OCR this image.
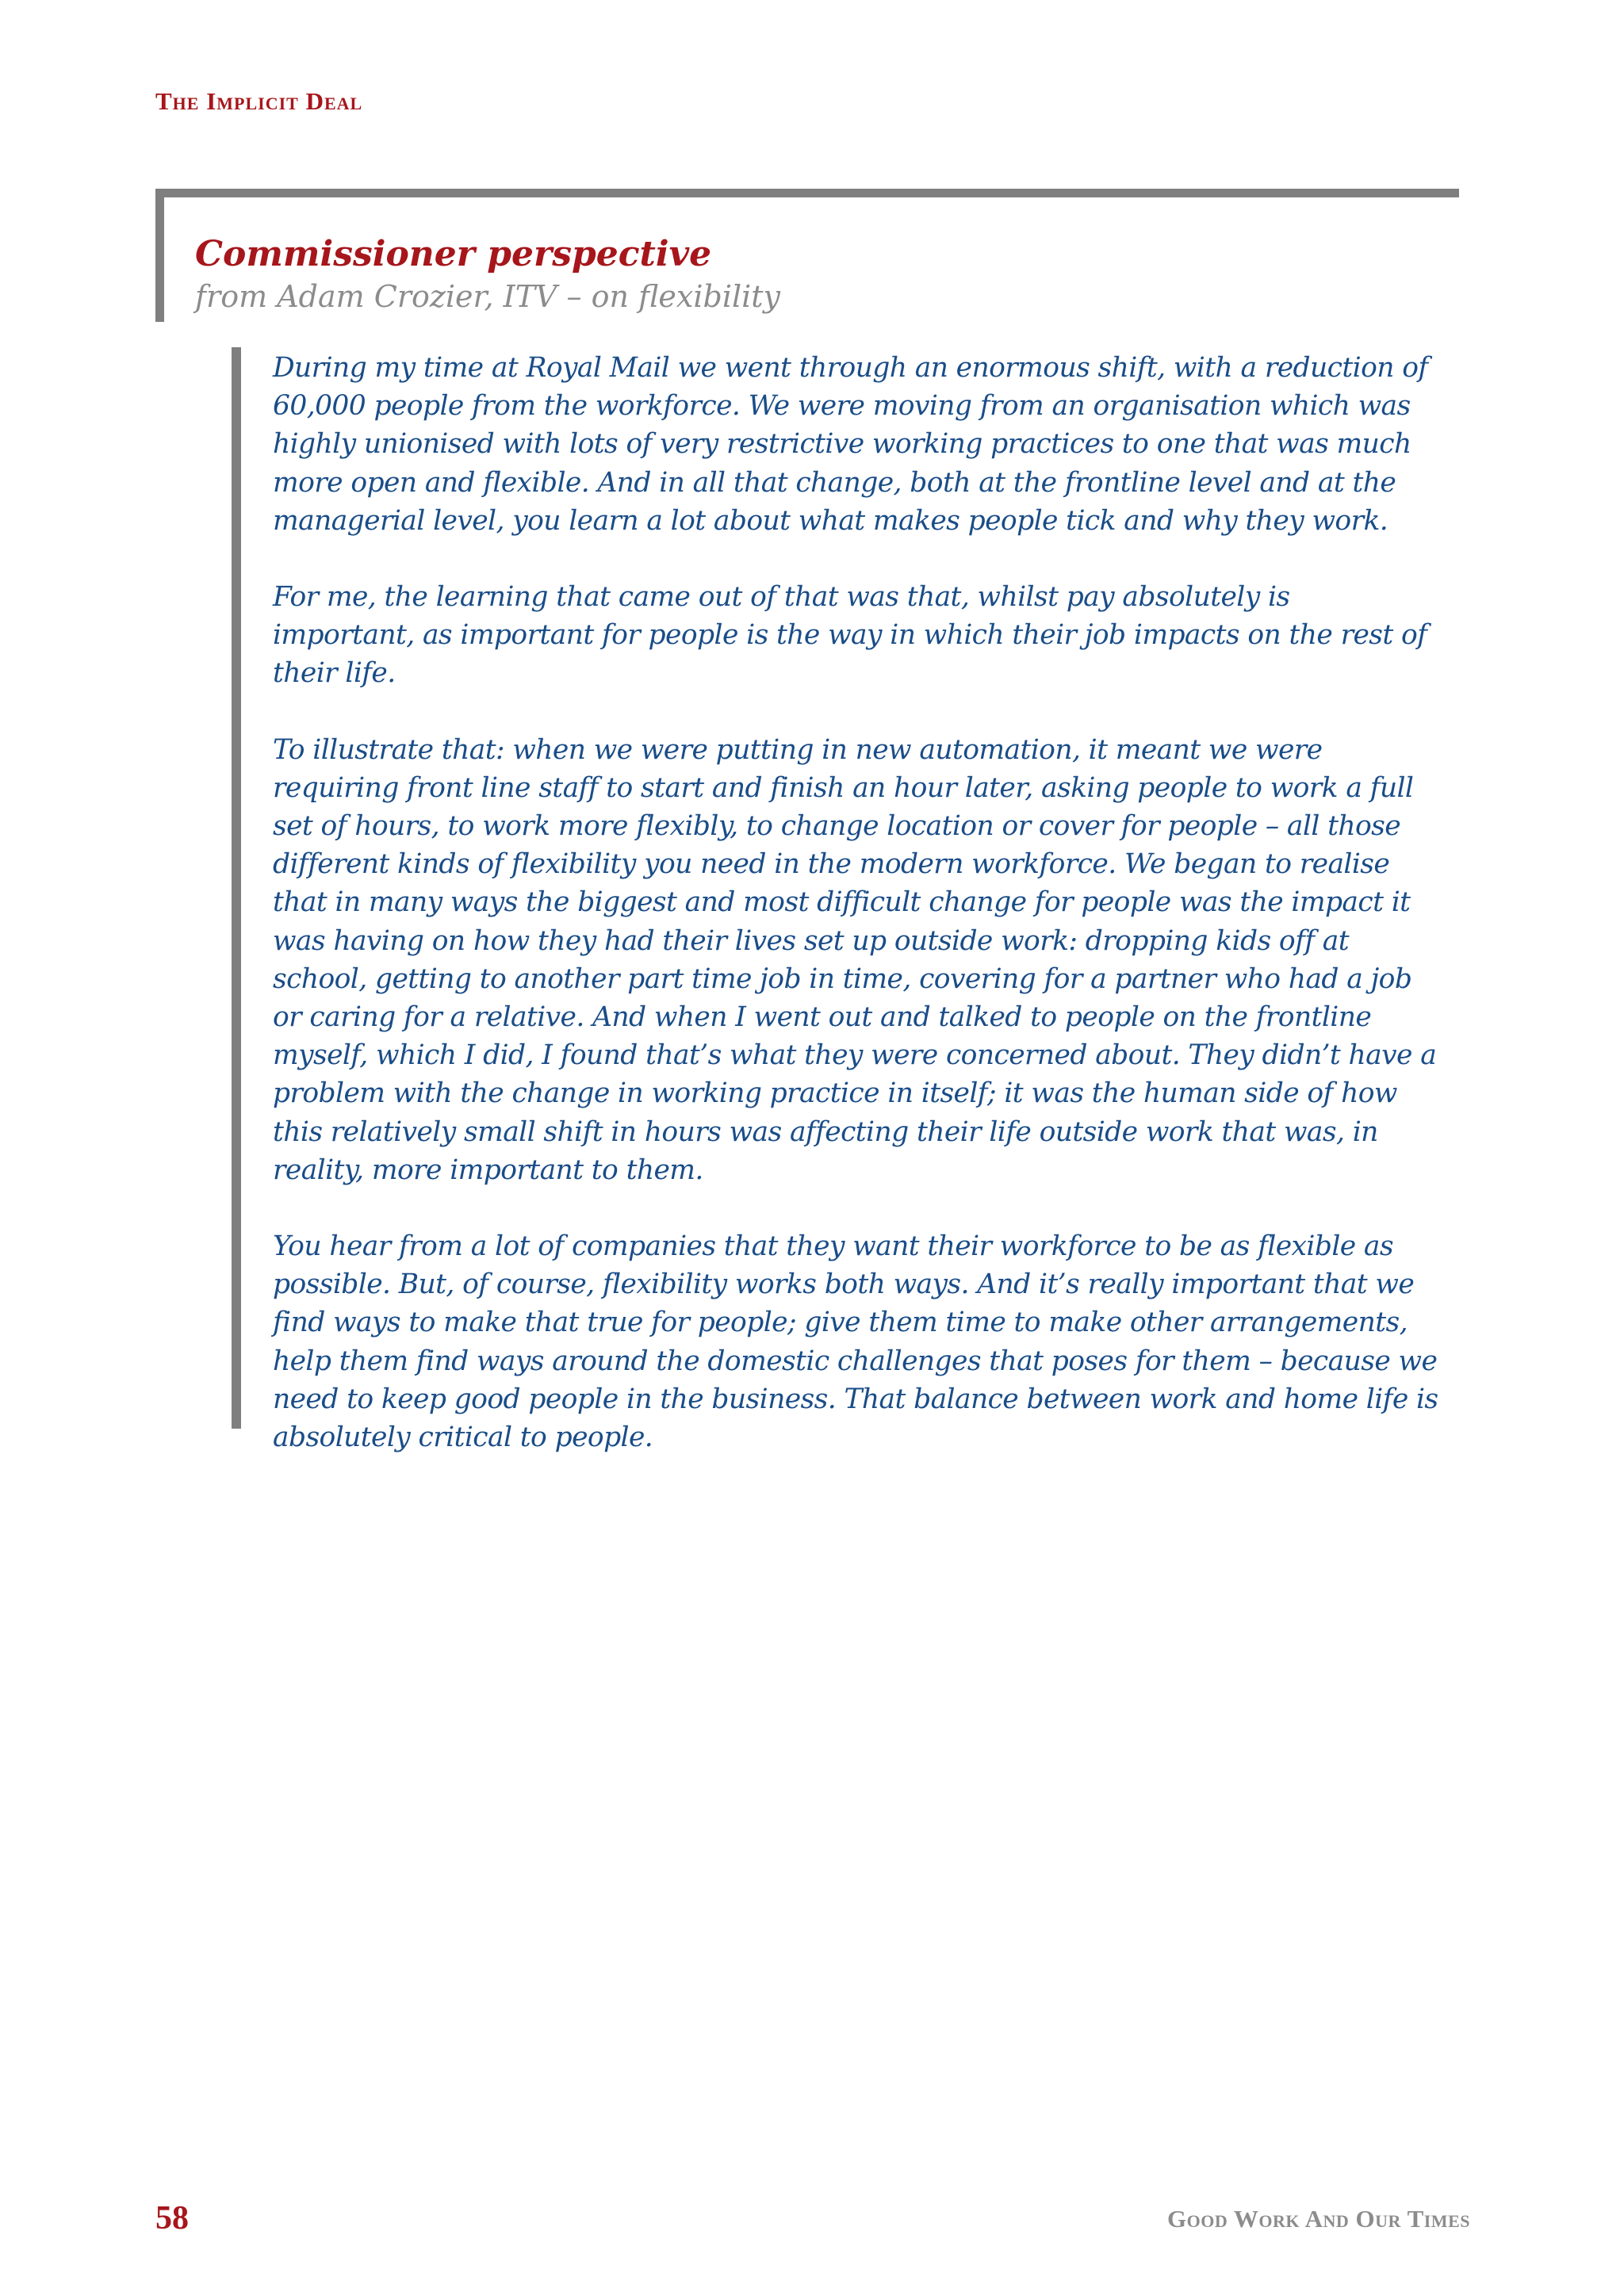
The Implicit Deal
Commissioner perspective
from Adam Crozier, ITV – on flexibility

During my time at Royal Mail we went through an enormous shift, with a reduction of 60,000 people from the workforce. We were moving from an organisation which was highly unionised with lots of very restrictive working practices to one that was much more open and flexible. And in all that change, both at the frontline level and at the managerial level, you learn a lot about what makes people tick and why they work.

For me, the learning that came out of that was that, whilst pay absolutely is important, as important for people is the way in which their job impacts on the rest of their life.

To illustrate that: when we were putting in new automation, it meant we were requiring front line staff to start and finish an hour later, asking people to work a full set of hours, to work more flexibly, to change location or cover for people – all those different kinds of flexibility you need in the modern workforce. We began to realise that in many ways the biggest and most difficult change for people was the impact it was having on how they had their lives set up outside work: dropping kids off at school, getting to another part time job in time, covering for a partner who had a job or caring for a relative. And when I went out and talked to people on the frontline myself, which I did, I found that’s what they were concerned about. They didn’t have a problem with the change in working practice in itself; it was the human side of how this relatively small shift in hours was affecting their life outside work that was, in reality, more important to them.

You hear from a lot of companies that they want their workforce to be as flexible as possible. But, of course, flexibility works both ways. And it’s really important that we find ways to make that true for people; give them time to make other arrangements, help them find ways around the domestic challenges that poses for them – because we need to keep good people in the business. That balance between work and home life is absolutely critical to people.

58	Good Work And Our Times
